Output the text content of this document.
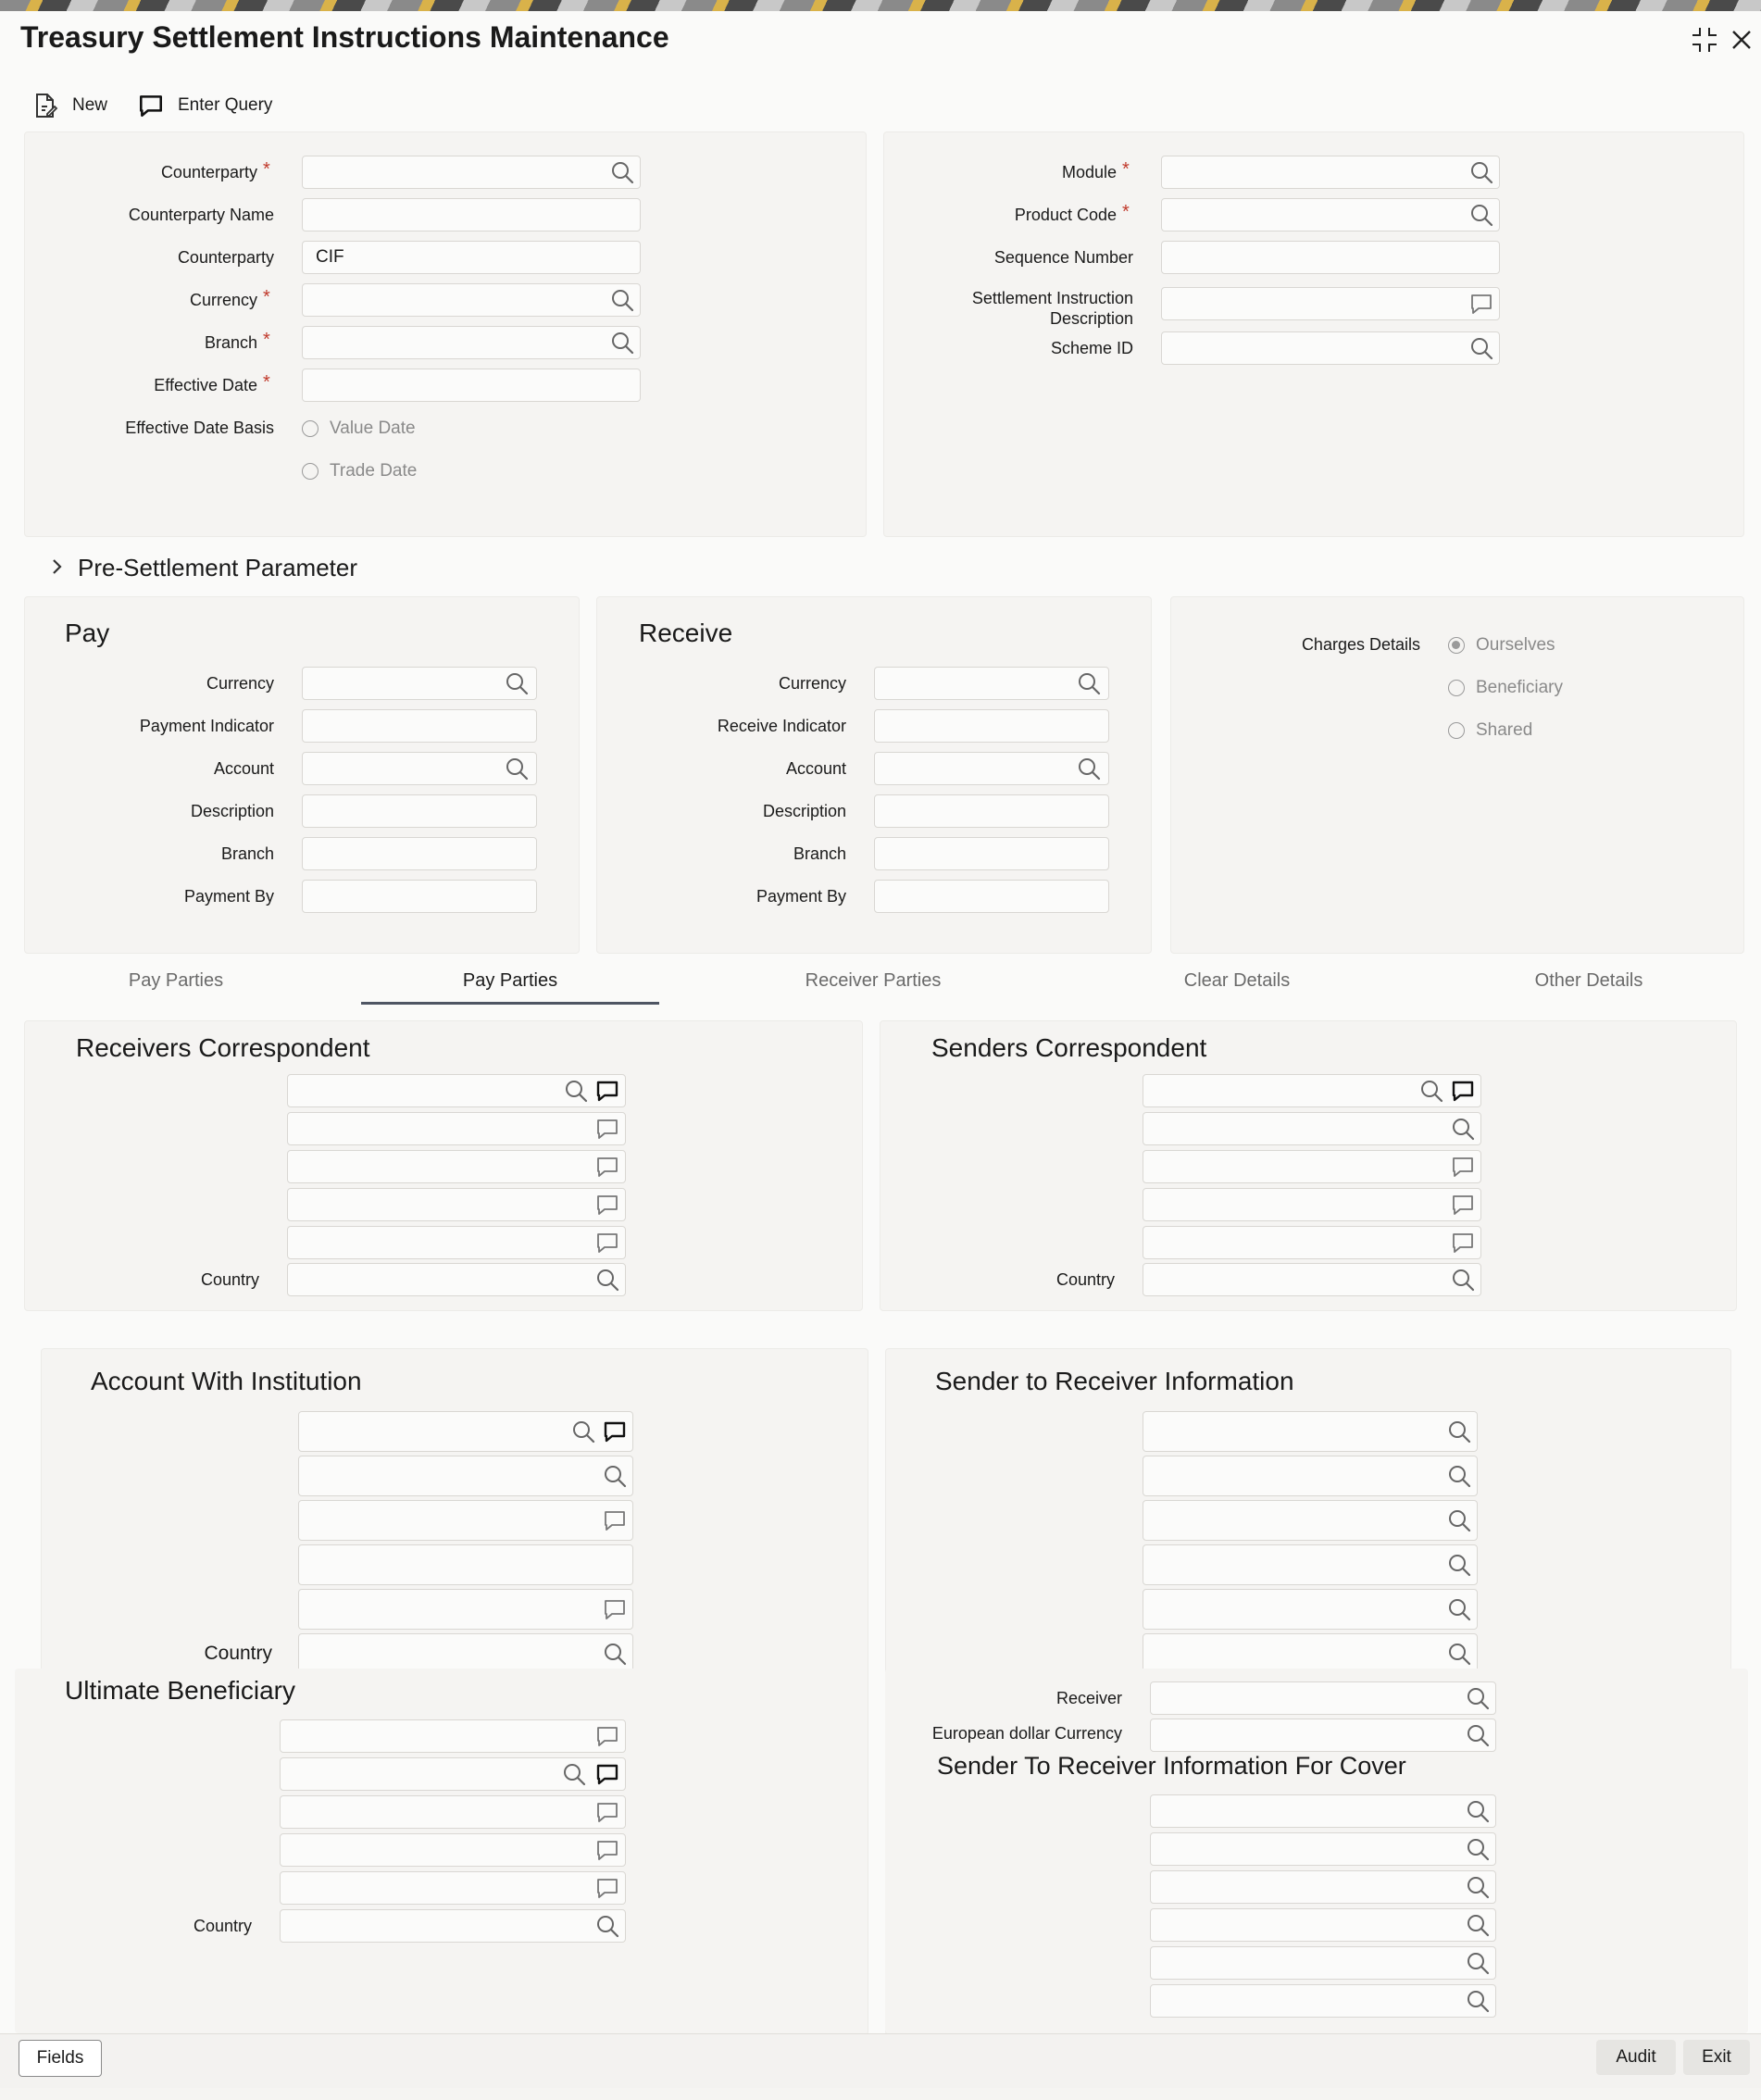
Treasury Settlement Instructions Maintenance
New	Enter Query
Counterparty *
Counterparty Name
Counterparty	CIF
Currency *
Branch *
Effective Date *
Effective Date Basis	Value Date
Trade Date
Module *
Product Code *
Sequence Number
Settlement Instruction
Description
Scheme ID
Pre-Settlement Parameter
Pay
Currency
Payment Indicator
Account
Description
Branch
Payment By
Receive
Currency
Receive Indicator
Account
Description
Branch
Payment By
Charges Details	Ourselves
Beneficiary
Shared
Pay Parties	Pay Parties	Receiver Parties	Clear Details	Other Details
Receivers Correspondent
Country
Senders Correspondent
Country
Account With Institution
Country
Sender to Receiver Information
Ultimate Beneficiary
Country
Receiver
European dollar Currency
Sender To Receiver Information For Cover
Fields	Audit	Exit
